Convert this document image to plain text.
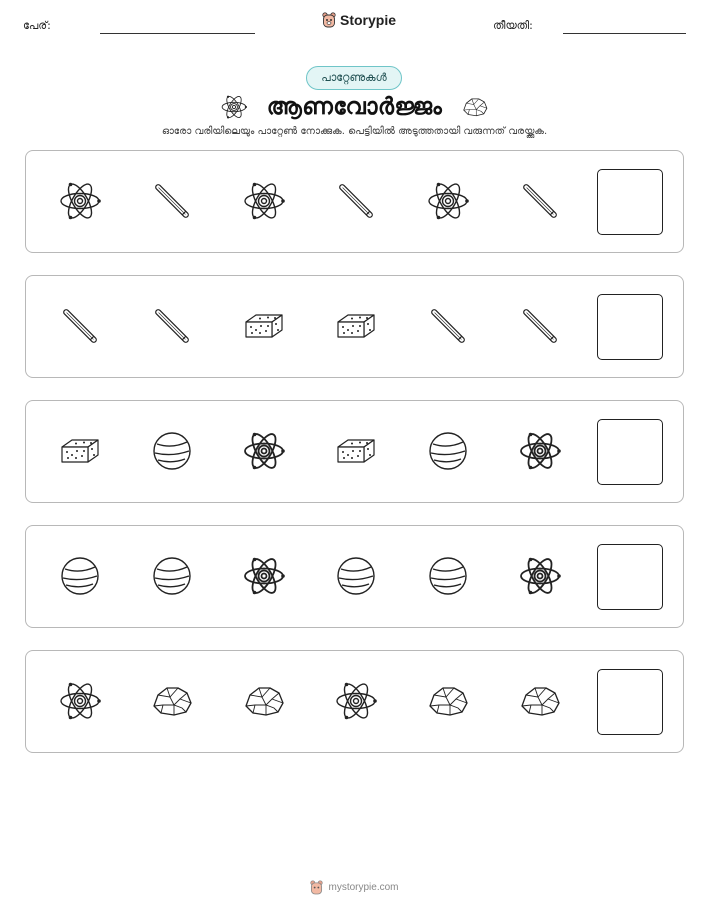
പേര്:	Storypie	തീയതി:
പാറ്റേണുകൾ
ആണവോർജ്ജം
ഓരോ വരിയിലെയും പാറ്റേൺ നോക്കുക. പെട്ടിയിൽ അടുത്തതായി വരുന്നത് വരയ്ക്കുക.
mystorypie.com
